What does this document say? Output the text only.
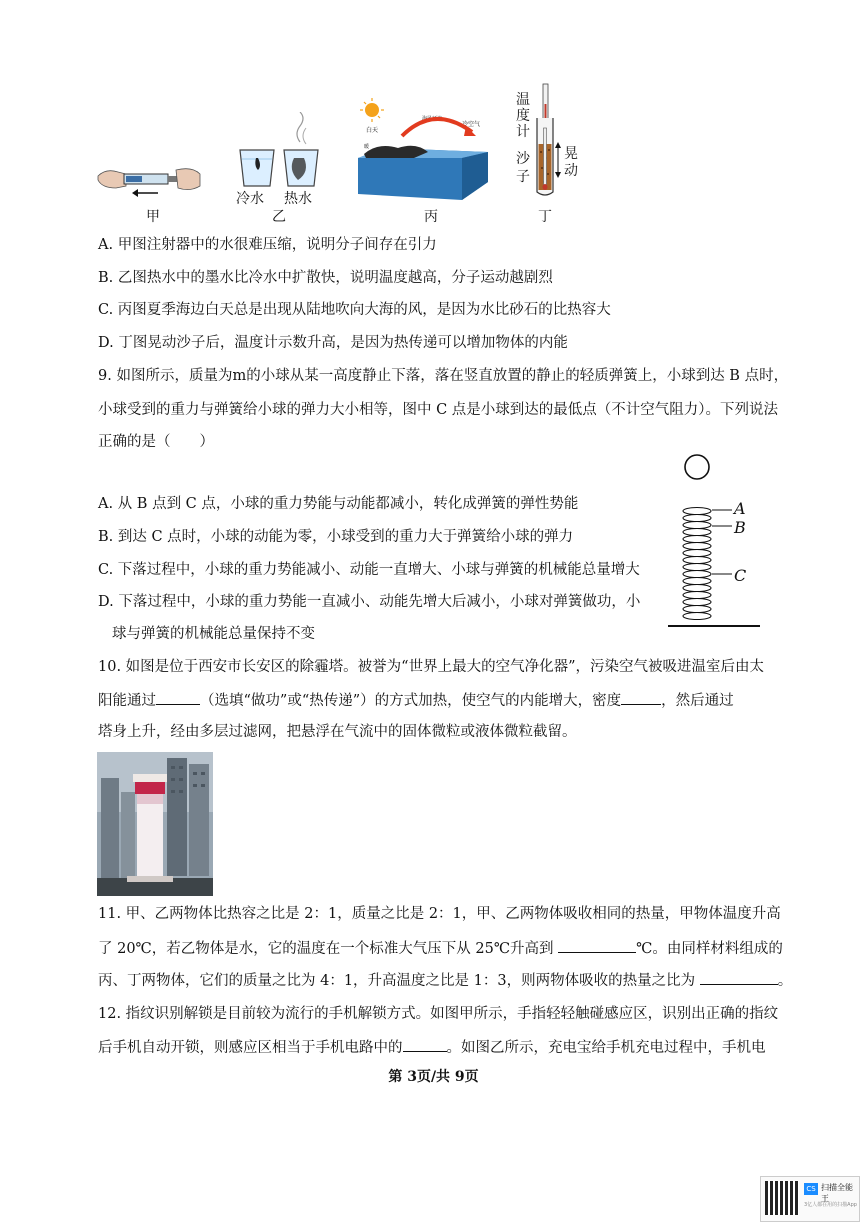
白天
海风环流
冷空气
暖
温
度
计
沙
子
晃
动
冷水 热水
甲	乙	丙	丁
A. 甲图注射器中的水很难压缩，说明分子间存在引力
B. 乙图热水中的墨水比冷水中扩散快，说明温度越高，分子运动越剧烈
C. 丙图夏季海边白天总是出现从陆地吹向大海的风，是因为水比砂石的比热容大
D. 丁图晃动沙子后，温度计示数升高，是因为热传递可以增加物体的内能
9. 如图所示，质量为m的小球从某一高度静止下落，落在竖直放置的静止的轻质弹簧上，小球到达 B 点时，
小球受到的重力与弹簧给小球的弹力大小相等，图中 C 点是小球到达的最低点（不计空气阻力）。下列说法
正确的是（　　）
A
B
C
A. 从 B 点到 C 点，小球的重力势能与动能都减小，转化成弹簧的弹性势能
B. 到达 C 点时，小球的动能为零，小球受到的重力大于弹簧给小球的弹力
C. 下落过程中，小球的重力势能减小、动能一直增大、小球与弹簧的机械能总量增大
D. 下落过程中，小球的重力势能一直减小、动能先增大后减小，小球对弹簧做功，小
球与弹簧的机械能总量保持不变
10. 如图是位于西安市长安区的除霾塔。被誉为“世界上最大的空气净化器”，污染空气被吸进温室后由太
阳能通过	（选填“做功”或“热传递”）的方式加热，使空气的内能增大，密度	，然后通过
塔身上升，经由多层过滤网，把悬浮在气流中的固体微粒或液体微粒截留。
11. 甲、乙两物体比热容之比是 2：1，质量之比是 2：1，甲、乙两物体吸收相同的热量，甲物体温度升高
了 20℃，若乙物体是水，它的温度在一个标准大气压下从 25℃升高到	℃。由同样材料组成的
丙、丁两物体，它们的质量之比为 4：1，升高温度之比是 1：3，则两物体吸收的热量之比为	。
12. 指纹识别解锁是目前较为流行的手机解锁方式。如图甲所示，手指轻轻触碰感应区，识别出正确的指纹
后手机自动开锁，则感应区相当于手机电路中的	。如图乙所示，充电宝给手机充电过程中，手机电
第 3页/共 9页
CS 扫描全能王
3亿人都在用的扫描App
